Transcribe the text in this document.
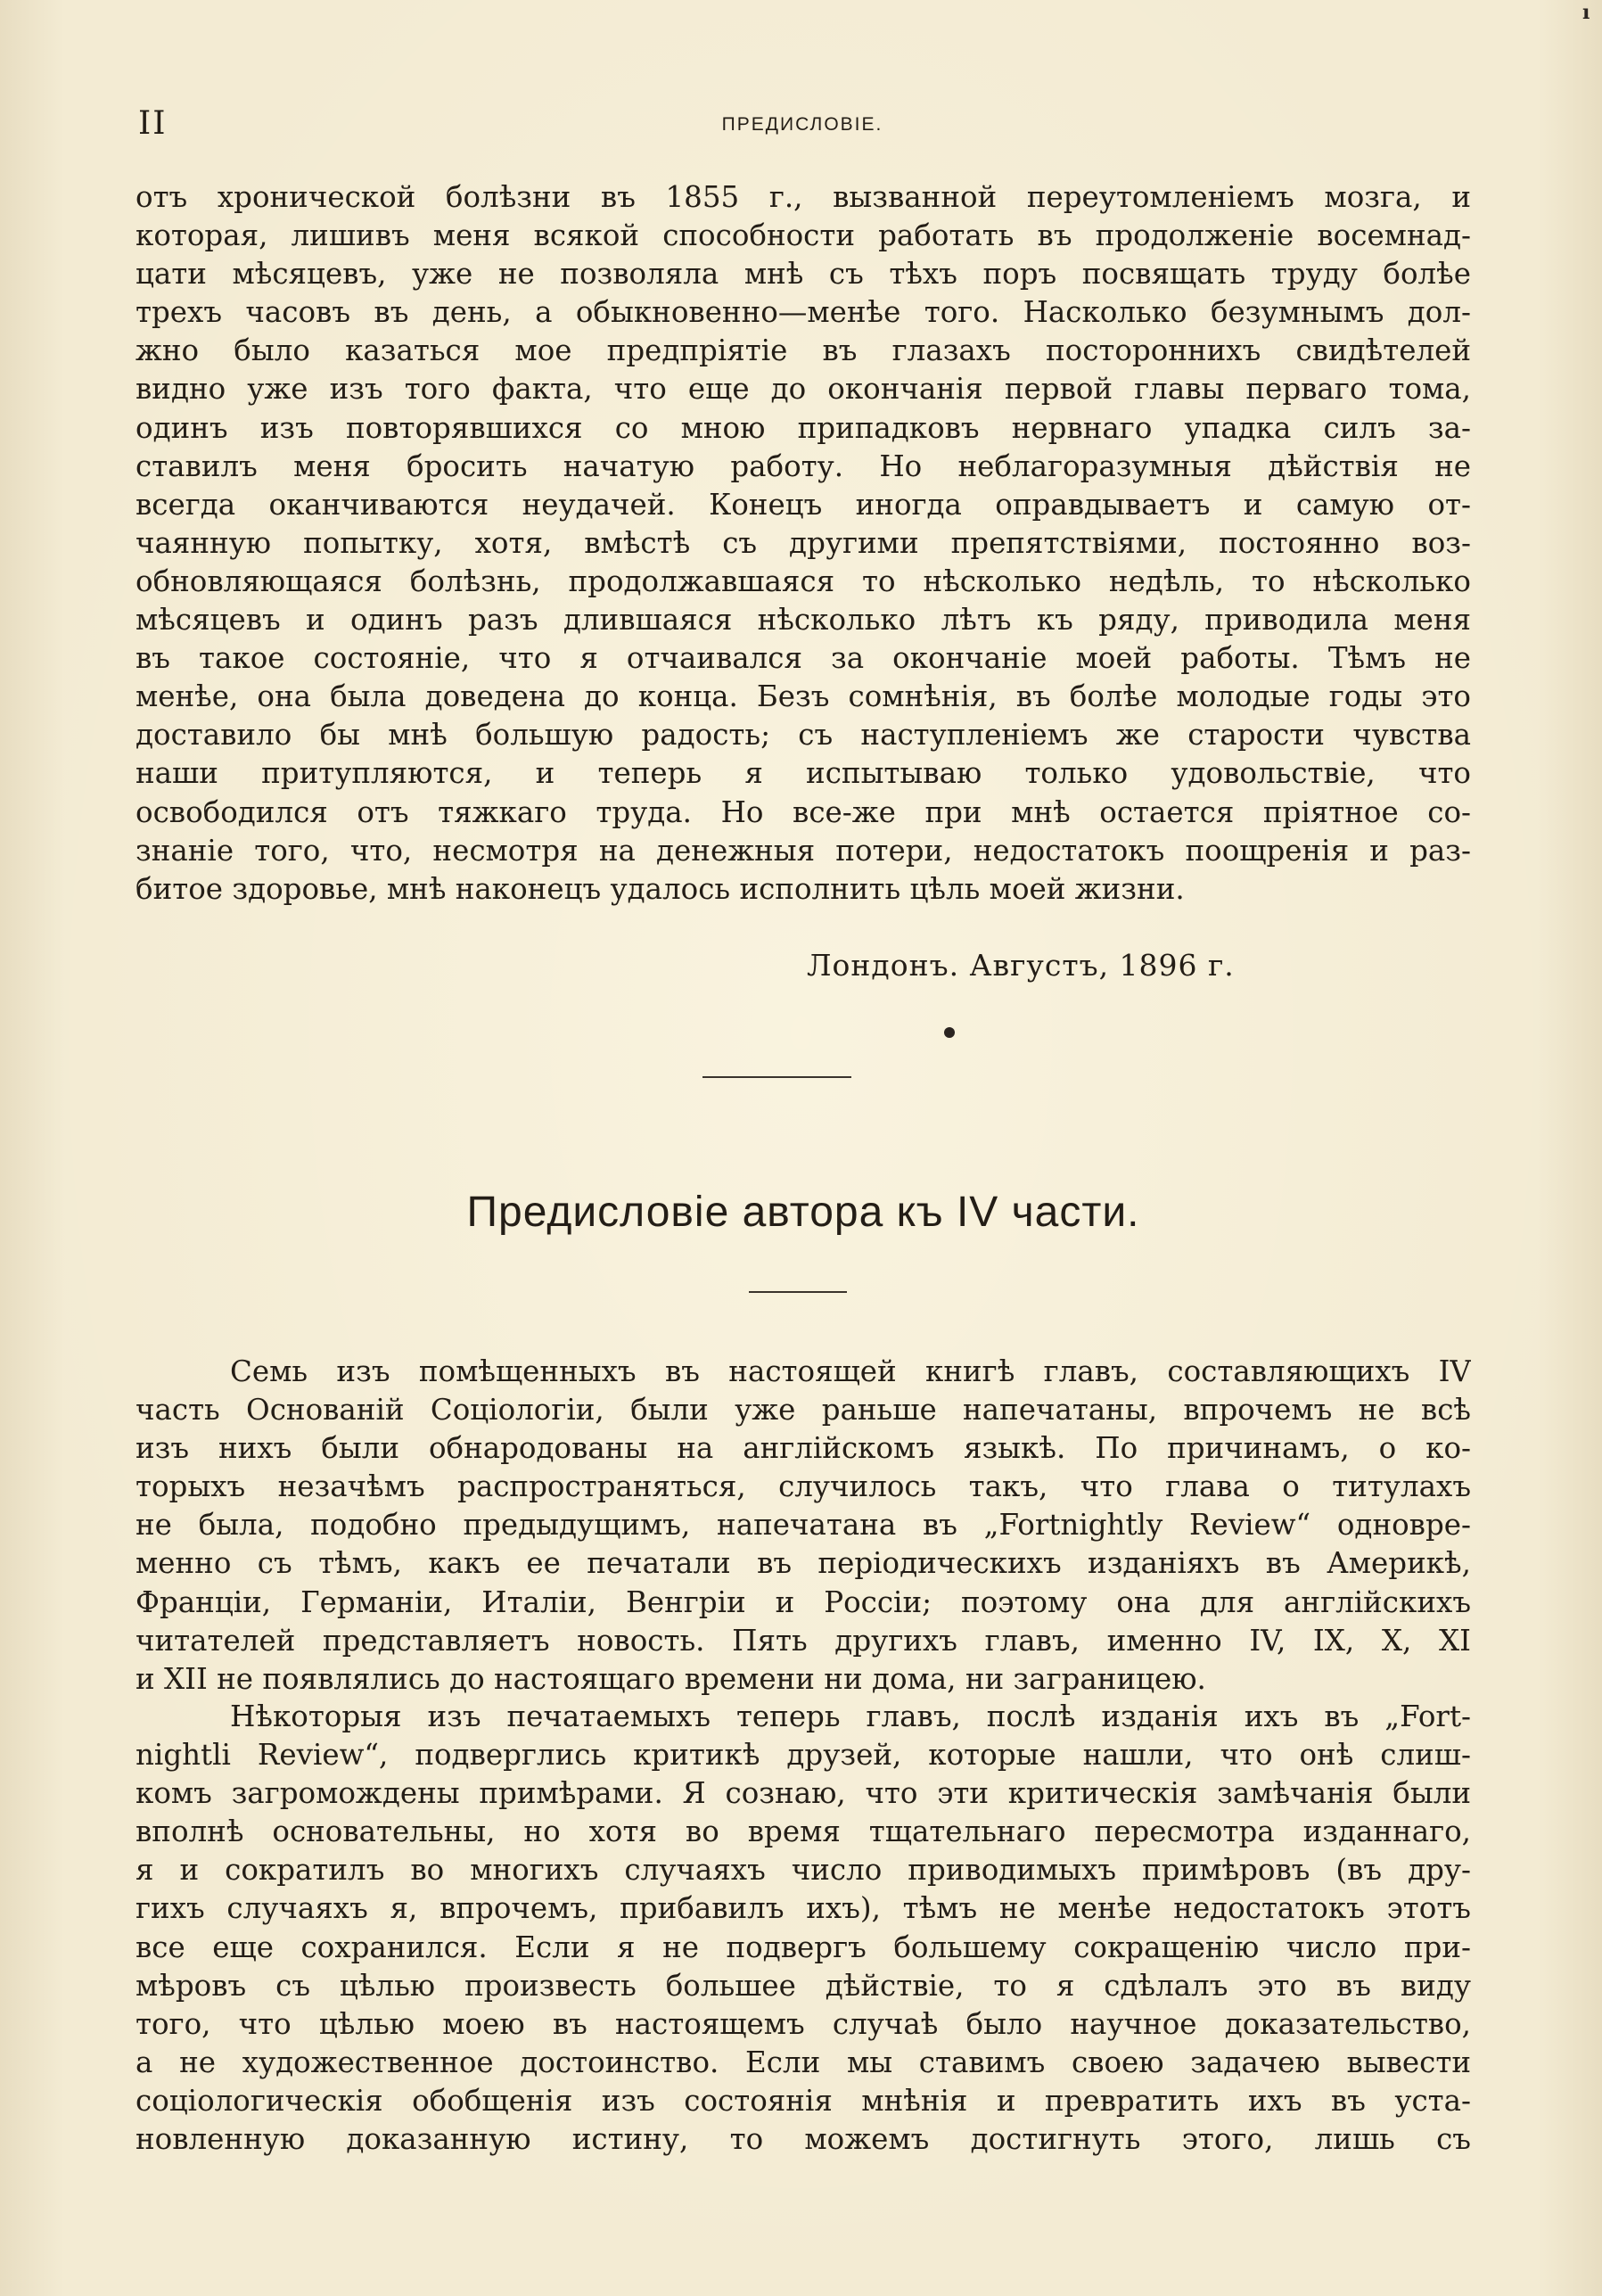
ı
II	ПРЕДИСЛОВІЕ.
отъ хронической болѣзни въ 1855 г., вызванной переутомленіемъ мозга, и
которая, лишивъ меня всякой способности работать въ продолженіе восемнад-
цати мѣсяцевъ, уже не позволяла мнѣ съ тѣхъ поръ посвящать труду болѣе
трехъ часовъ въ день, а обыкновенно—менѣе того. Насколько безумнымъ дол-
жно было казаться мое предпріятіе въ глазахъ постороннихъ свидѣтелей
видно уже изъ того факта, что еще до окончанія первой главы перваго тома,
одинъ изъ повторявшихся со мною припадковъ нервнаго упадка силъ за-
ставилъ меня бросить начатую работу. Но неблагоразумныя дѣйствія не
всегда оканчиваются неудачей. Конецъ иногда оправдываетъ и самую от-
чаянную попытку, хотя, вмѣстѣ съ другими препятствіями, постоянно воз-
обновляющаяся болѣзнь, продолжавшаяся то нѣсколько недѣль, то нѣсколько
мѣсяцевъ и одинъ разъ длившаяся нѣсколько лѣтъ къ ряду, приводила меня
въ такое состояніе, что я отчаивался за окончаніе моей работы. Тѣмъ не
менѣе, она была доведена до конца. Безъ сомнѣнія, въ болѣе молодые годы это
доставило бы мнѣ большую радость; съ наступленіемъ же старости чувства
наши притупляются, и теперь я испытываю только удовольствіе, что
освободился отъ тяжкаго труда. Но все-же при мнѣ остается пріятное со-
знаніе того, что, несмотря на денежныя потери, недостатокъ поощренія и раз-
битое здоровье, мнѣ наконецъ удалось исполнить цѣль моей жизни.
Лондонъ. Августъ, 1896 г.
Предисловіе автора къ IV части.
Семь изъ помѣщенныхъ въ настоящей книгѣ главъ, составляющихъ IV
часть Основаній Соціологіи, были уже раньше напечатаны, впрочемъ не всѣ
изъ нихъ были обнародованы на англійскомъ языкѣ. По причинамъ, о ко-
торыхъ незачѣмъ распространяться, случилось такъ, что глава о титулахъ
не была, подобно предыдущимъ, напечатана въ „Fortnightly Review“ одновре-
менно съ тѣмъ, какъ ее печатали въ періодическихъ изданіяхъ въ Америкѣ,
Франціи, Германіи, Италіи, Венгріи и Россіи; поэтому она для англійскихъ
читателей представляетъ новость. Пять другихъ главъ, именно IV, IX, X, XI
и XII не появлялись до настоящаго времени ни дома, ни заграницею.
Нѣкоторыя изъ печатаемыхъ теперь главъ, послѣ изданія ихъ въ „Fort-
nightli Review“, подверглись критикѣ друзей, которые нашли, что онѣ слиш-
комъ загромождены примѣрами. Я сознаю, что эти критическія замѣчанія были
вполнѣ основательны, но хотя во время тщательнаго пересмотра изданнаго,
я и сократилъ во многихъ случаяхъ число приводимыхъ примѣровъ (въ дру-
гихъ случаяхъ я, впрочемъ, прибавилъ ихъ), тѣмъ не менѣе недостатокъ этотъ
все еще сохранился. Если я не подвергъ большему сокращенію число при-
мѣровъ съ цѣлью произвесть большее дѣйствіе, то я сдѣлалъ это въ виду
того, что цѣлью моею въ настоящемъ случаѣ было научное доказательство,
а не художественное достоинство. Если мы ставимъ своею задачею вывести
соціологическія обобщенія изъ состоянія мнѣнія и превратить ихъ въ уста-
новленную доказанную истину, то можемъ достигнуть этого, лишь съ
